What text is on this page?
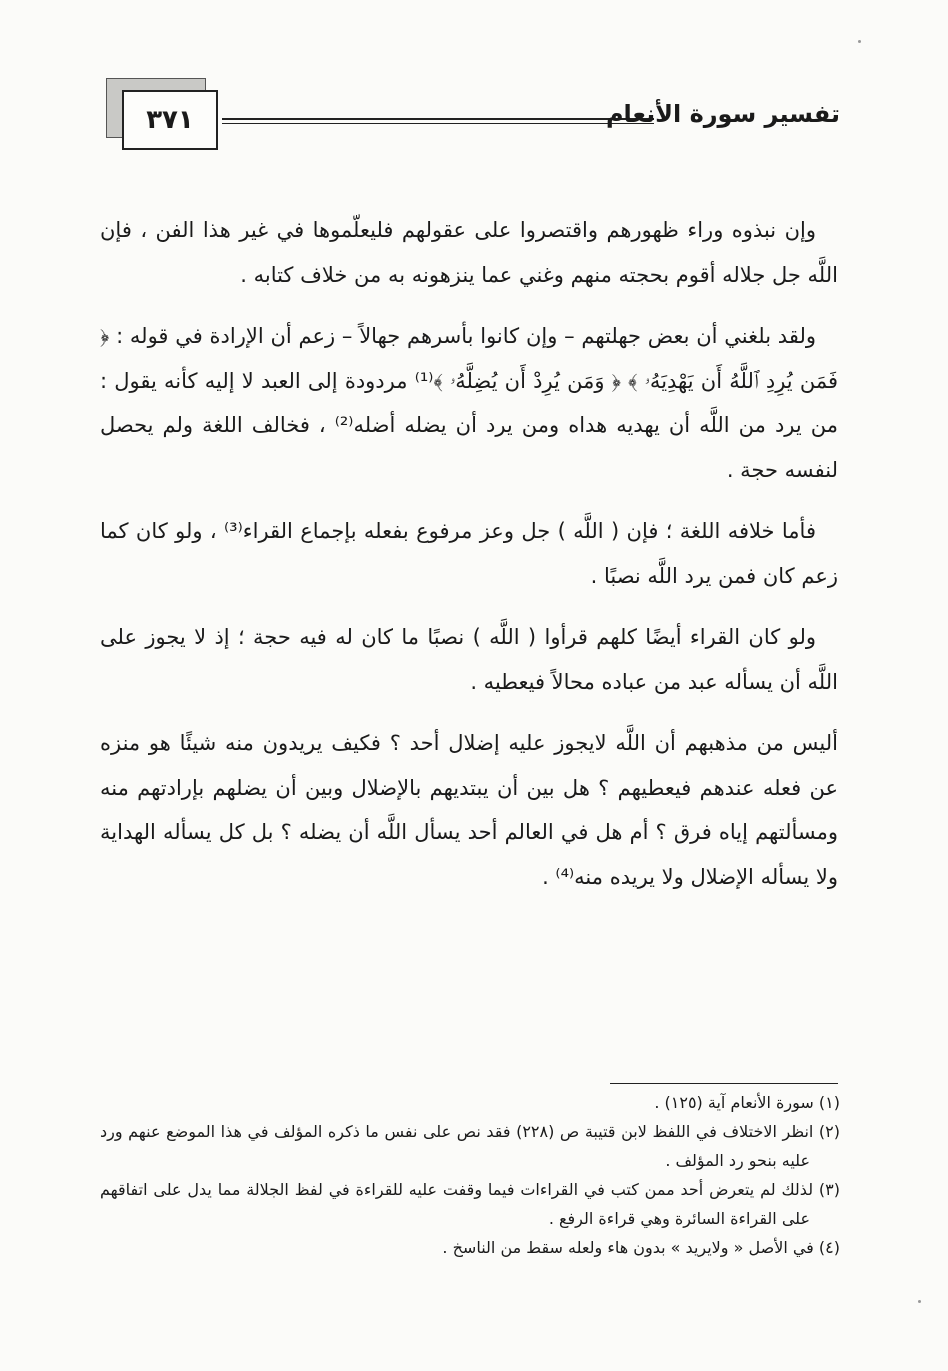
٣٧١	تفسير سورة الأنعام

وإن نبذوه وراء ظهورهم واقتصروا على عقولهم فليعلّموها في غير هذا الفن ، فإن اللَّه جل جلاله أقوم بحجته منهم وغني عما ينزهونه به من خلاف كتابه .

ولقد بلغني أن بعض جهلتهم – وإن كانوا بأسرهم جهالاً – زعم أن الإرادة في قوله : ﴿ فَمَن يُرِدِ ٱللَّهُ أَن يَهْدِيَهُۥ ﴾ ﴿ وَمَن يُرِدْ أَن يُضِلَّهُۥ ﴾⁽¹⁾ مردودة إلى العبد لا إليه كأنه يقول : من يرد من اللَّه أن يهديه هداه ومن يرد أن يضله أضله⁽²⁾ ، فخالف اللغة ولم يحصل لنفسه حجة .

فأما خلافه اللغة ؛ فإن ( اللَّه ) جل وعز مرفوع بفعله بإجماع القراء⁽³⁾ ، ولو كان كما زعم كان فمن يرد اللَّه نصبًا .

ولو كان القراء أيضًا كلهم قرأوا ( اللَّه ) نصبًا ما كان له فيه حجة ؛ إذ لا يجوز على اللَّه أن يسأله عبد من عباده محالاً فيعطيه .

أليس من مذهبهم أن اللَّه لايجوز عليه إضلال أحد ؟ فكيف يريدون منه شيئًا هو منزه عن فعله عندهم فيعطيهم ؟ هل بين أن يبتديهم بالإضلال وبين أن يضلهم بإرادتهم منه ومسألتهم إياه فرق ؟ أم هل في العالم أحد يسأل اللَّه أن يضله ؟ بل كل يسأله الهداية ولا يسأله الإضلال ولا يريده منه⁽⁴⁾ .

(١) سورة الأنعام آية (١٢٥) .

(٢) انظر الاختلاف في اللفظ لابن قتيبة ص (٢٢٨) فقد نص على نفس ما ذكره المؤلف في هذا الموضع عنهم ورد عليه بنحو رد المؤلف .

(٣) لذلك لم يتعرض أحد ممن كتب في القراءات فيما وقفت عليه للقراءة في لفظ الجلالة مما يدل على اتفاقهم على القراءة السائرة وهي قراءة الرفع .

(٤) في الأصل « ولايريد » بدون هاء ولعله سقط من الناسخ .
